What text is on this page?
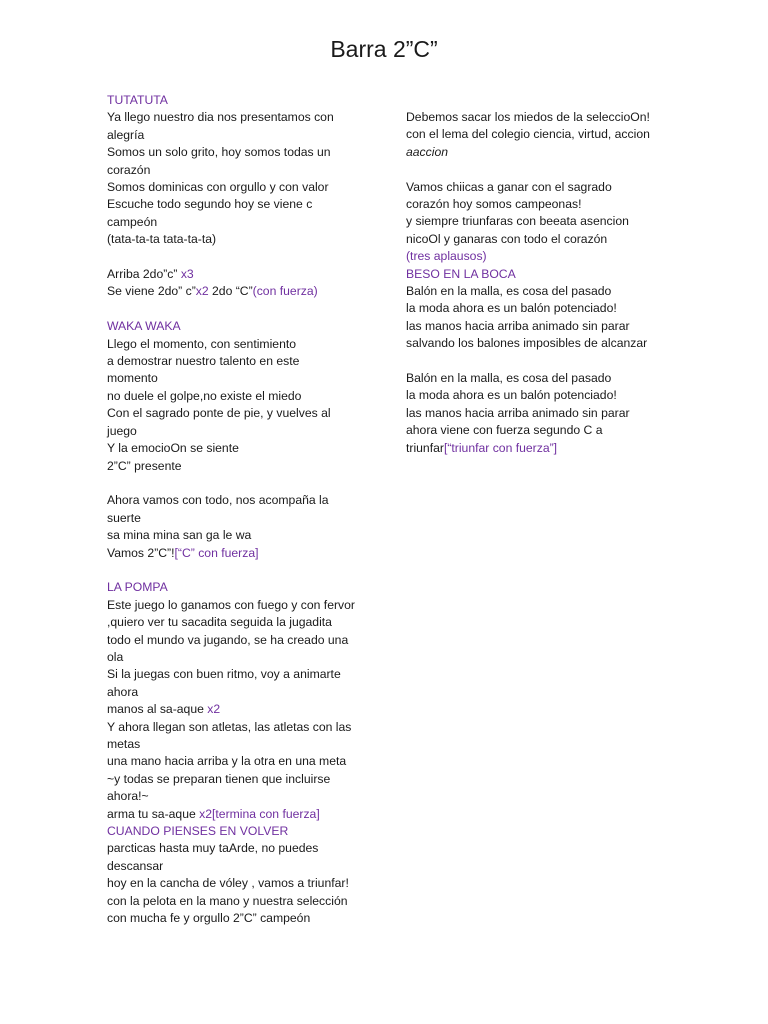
Barra 2”C”
TUTATUTA
Ya llego nuestro dia nos presentamos con
alegría
Somos un solo grito, hoy somos todas un
corazón
Somos dominicas con orgullo y con valor
Escuche todo segundo hoy se viene c
campeón
(tata-ta-ta tata-ta-ta)
Arriba 2do”c” x3
Se viene 2do” c”x2 2do “C”(con fuerza)
WAKA WAKA
Llego el momento, con sentimiento
a demostrar nuestro talento en este
momento
no duele el golpe,no existe el miedo
Con el sagrado ponte de pie, y vuelves al
juego
Y la emocioOn se siente
2”C” presente
Ahora vamos con todo, nos acompaña la
suerte
sa mina mina san ga le wa
Vamos 2”C”![“C” con fuerza]
LA POMPA
Este juego lo ganamos con fuego y con fervor
,quiero ver tu sacadita seguida la jugadita
todo el mundo va jugando, se ha creado una
ola
Si la juegas con buen ritmo, voy a animarte
ahora
manos al sa-aque x2
Y ahora llegan son atletas, las atletas con las
metas
una mano hacia arriba y la otra en una meta
~y todas se preparan tienen que incluirse
ahora!~
arma tu sa-aque x2[termina con fuerza]
CUANDO PIENSES EN VOLVER
parcticas hasta muy taArde, no puedes
descansar
hoy en la cancha de vóley , vamos a triunfar!
con la pelota en la mano y nuestra selección
con mucha fe y orgullo 2”C” campeón
Debemos sacar los miedos de la seleccioOn!
con el lema del colegio ciencia, virtud, accion
aaccion
Vamos chiicas a ganar con el sagrado
corazón hoy somos campeonas!
y siempre triunfaras con beeata asencion
nicoOl y ganaras con todo el corazón
(tres aplausos)
BESO EN LA BOCA
Balón en la malla, es cosa del pasado
la moda ahora es un balón potenciado!
las manos hacia arriba animado sin parar
salvando los balones imposibles de alcanzar
Balón en la malla, es cosa del pasado
la moda ahora es un balón potenciado!
las manos hacia arriba animado sin parar
ahora viene con fuerza segundo C a
triunfar[“triunfar con fuerza”]
